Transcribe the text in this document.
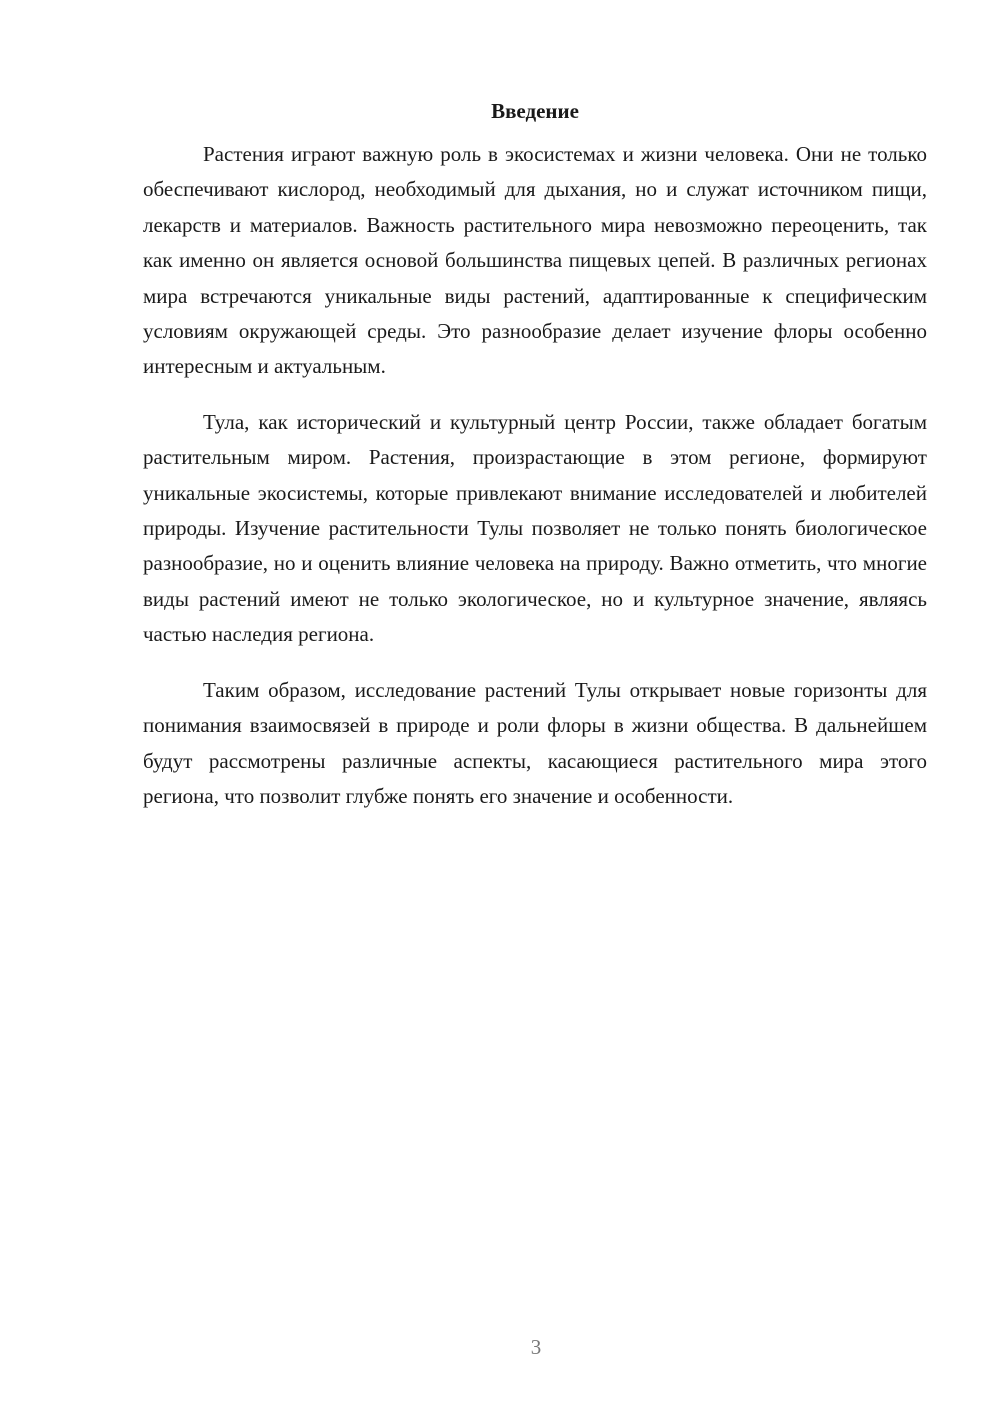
Введение

Растения играют важную роль в экосистемах и жизни человека. Они не только обеспечивают кислород, необходимый для дыхания, но и служат источником пищи, лекарств и материалов. Важность растительного мира невозможно переоценить, так как именно он является основой большинства пищевых цепей. В различных регионах мира встречаются уникальные виды растений, адаптированные к специфическим условиям окружающей среды. Это разнообразие делает изучение флоры особенно интересным и актуальным.

Тула, как исторический и культурный центр России, также обладает богатым растительным миром. Растения, произрастающие в этом регионе, формируют уникальные экосистемы, которые привлекают внимание исследователей и любителей природы. Изучение растительности Тулы позволяет не только понять биологическое разнообразие, но и оценить влияние человека на природу. Важно отметить, что многие виды растений имеют не только экологическое, но и культурное значение, являясь частью наследия региона.

Таким образом, исследование растений Тулы открывает новые горизонты для понимания взаимосвязей в природе и роли флоры в жизни общества. В дальнейшем будут рассмотрены различные аспекты, касающиеся растительного мира этого региона, что позволит глубже понять его значение и особенности.

3
